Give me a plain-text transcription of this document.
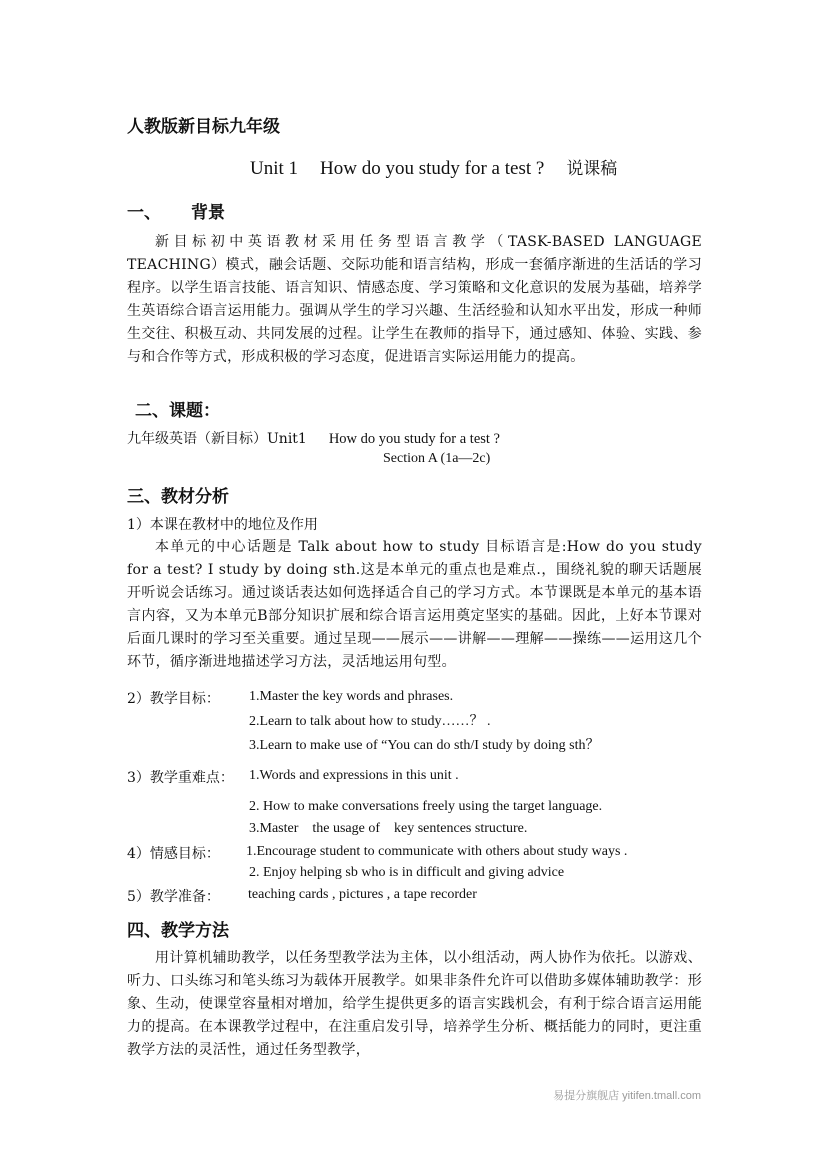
人教版新目标九年级
Unit 1 How do you study for a test ? 说课稿
一、 背景
新目标初中英语教材采用任务型语言教学（TASK-BASED LANGUAGE TEACHING）模式，融会话题、交际功能和语言结构，形成一套循序渐进的生活话的学习程序。以学生语言技能、语言知识、情感态度、学习策略和文化意识的发展为基础，培养学生英语综合语言运用能力。强调从学生的学习兴趣、生活经验和认知水平出发，形成一种师生交往、积极互动、共同发展的过程。让学生在教师的指导下，通过感知、体验、实践、参与和合作等方式，形成积极的学习态度，促进语言实际运用能力的提高。
二、课题：
九年级英语（新目标）Unit1 How do you study for a test ?
Section A (1a—2c)
三、教材分析
1）本课在教材中的地位及作用
本单元的中心话题是 Talk about how to study 目标语言是:How do you study for a test? I study by doing sth.这是本单元的重点也是难点.，围绕礼貌的聊天话题展开听说会话练习。通过谈话表达如何选择适合自己的学习方式。本节课既是本单元的基本语言内容，又为本单元B部分知识扩展和综合语言运用奠定坚实的基础。因此，上好本节课对后面几课时的学习至关重要。通过呈现——展示——讲解——理解——操练——运用这几个环节，循序渐进地描述学习方法，灵活地运用句型。
2）教学目标： 1.Master the key words and phrases.
2.Learn to talk about how to study……？ .
3.Learn to make use of “You can do sth/I study by doing sth？
3）教学重难点： 1.Words and expressions in this unit .
2. How to make conversations freely using the target language.
3.Master    the usage of    key sentences structure.
4）情感目标： 1.Encourage student to communicate with others about study ways .
2. Enjoy helping sb who is in difficult and giving advice
5）教学准备： teaching cards , pictures , a tape recorder
四、教学方法
用计算机辅助教学，以任务型教学法为主体，以小组活动，两人协作为依托。以游戏、听力、口头练习和笔头练习为载体开展教学。如果非条件允许可以借助多媒体辅助教学：形象、生动，使课堂容量相对增加，给学生提供更多的语言实践机会，有利于综合语言运用能力的提高。在本课教学过程中，在注重启发引导，培养学生分析、概括能力的同时，更注重教学方法的灵活性，通过任务型教学，
易提分旗舰店 yitifen.tmall.com
